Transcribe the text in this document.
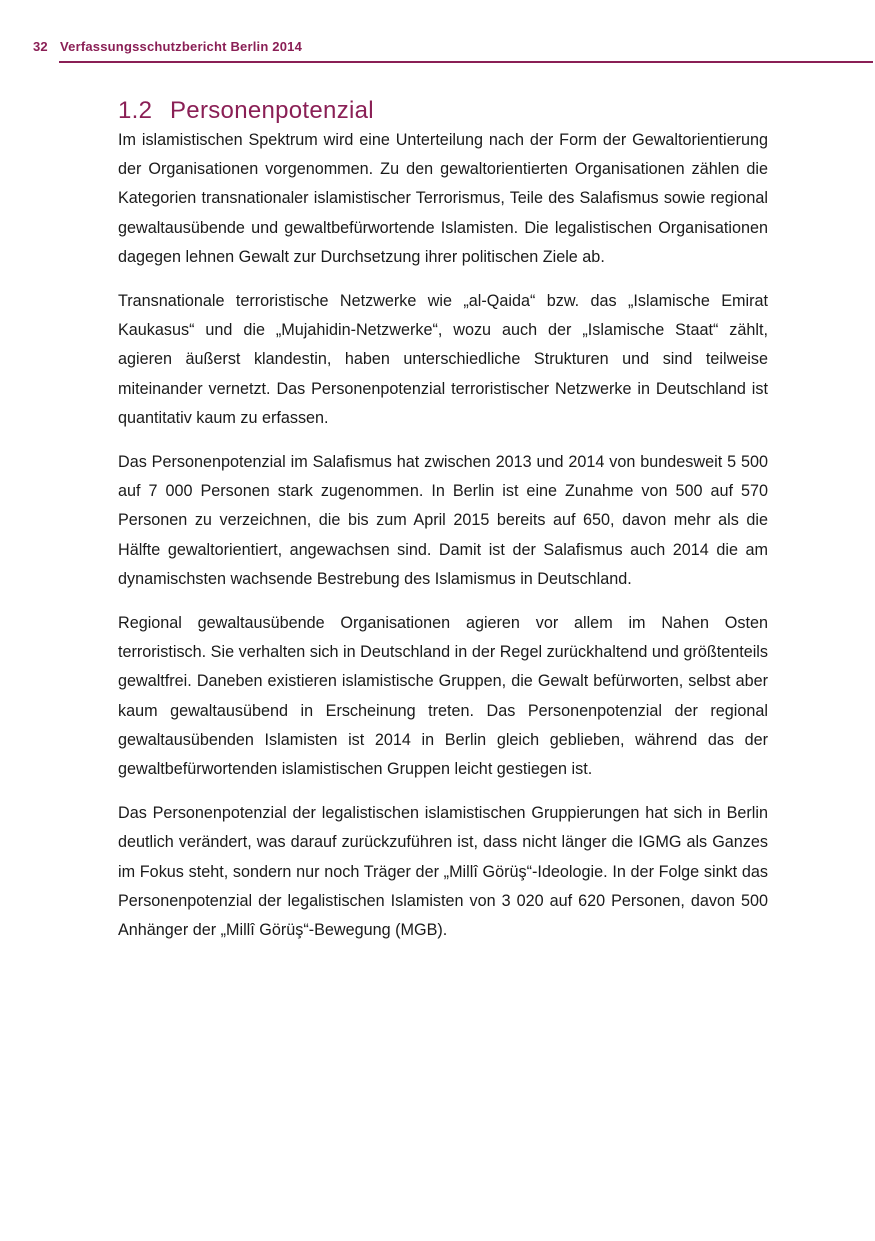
32 Verfassungsschutzbericht Berlin 2014
1.2 Personenpotenzial

Im islamistischen Spektrum wird eine Unterteilung nach der Form der Gewaltorientierung der Organisationen vorgenommen. Zu den gewaltorientierten Organisationen zählen die Kategorien transnationaler islamistischer Terrorismus, Teile des Salafismus sowie regional gewaltausübende und gewaltbefürwortende Islamisten. Die legalistischen Organisationen dagegen lehnen Gewalt zur Durchsetzung ihrer politischen Ziele ab.

Transnationale terroristische Netzwerke wie „al-Qaida“ bzw. das „Islamische Emirat Kaukasus“ und die „Mujahidin-Netzwerke“, wozu auch der „Islamische Staat“ zählt, agieren äußerst klandestin, haben unterschiedliche Strukturen und sind teilweise miteinander vernetzt. Das Personenpotenzial terroristischer Netzwerke in Deutschland ist quantitativ kaum zu erfassen.

Das Personenpotenzial im Salafismus hat zwischen 2013 und 2014 von bundesweit 5 500 auf 7 000 Personen stark zugenommen. In Berlin ist eine Zunahme von 500 auf 570 Personen zu verzeichnen, die bis zum April 2015 bereits auf 650, davon mehr als die Hälfte gewaltorientiert, angewachsen sind. Damit ist der Salafismus auch 2014 die am dynamischsten wachsende Bestrebung des Islamismus in Deutschland.

Regional gewaltausübende Organisationen agieren vor allem im Nahen Osten terroristisch. Sie verhalten sich in Deutschland in der Regel zurückhaltend und größtenteils gewaltfrei. Daneben existieren islamistische Gruppen, die Gewalt befürworten, selbst aber kaum gewaltausübend in Erscheinung treten. Das Personenpotenzial der regional gewaltausübenden Islamisten ist 2014 in Berlin gleich geblieben, während das der gewaltbefürwortenden islamistischen Gruppen leicht gestiegen ist.

Das Personenpotenzial der legalistischen islamistischen Gruppierungen hat sich in Berlin deutlich verändert, was darauf zurückzuführen ist, dass nicht länger die IGMG als Ganzes im Fokus steht, sondern nur noch Träger der „Millî Görüş“-Ideologie. In der Folge sinkt das Personenpotenzial der legalistischen Islamisten von 3 020 auf 620 Personen, davon 500 Anhänger der „Millî Görüş“-Bewegung (MGB).
